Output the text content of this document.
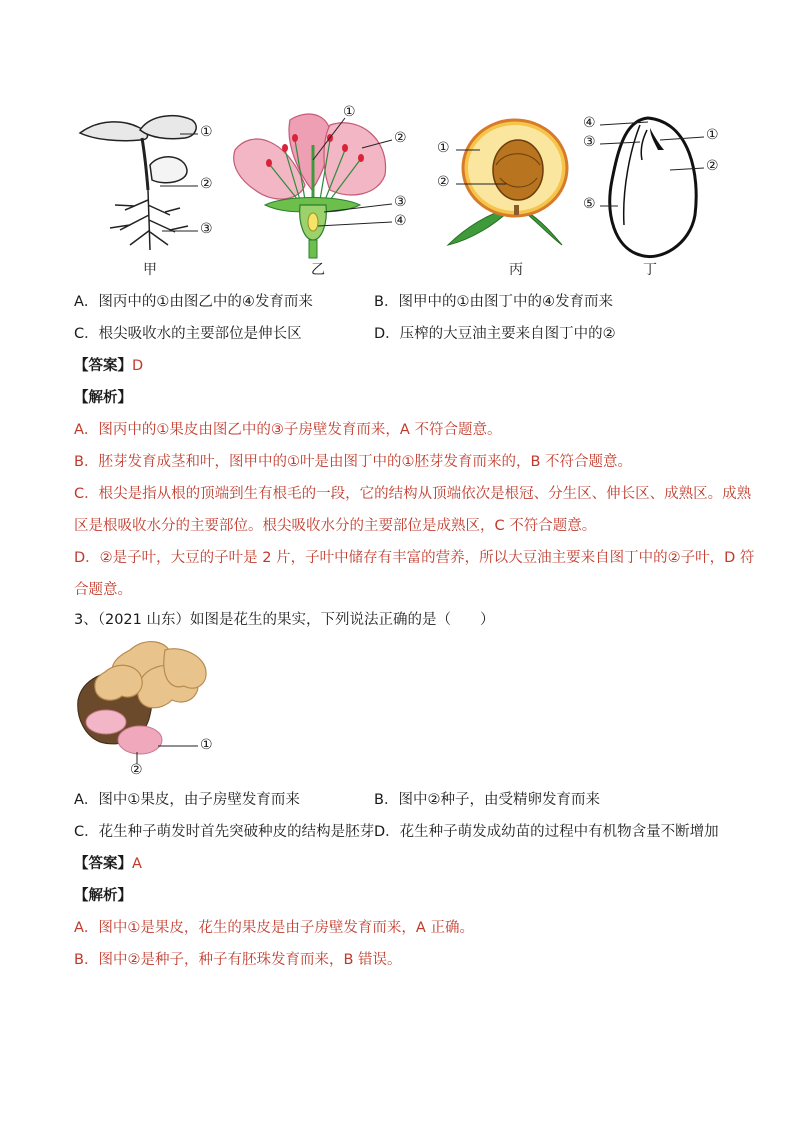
①
②
③
甲
①
②
③
④
乙
①
②
丙
④
①
③
②
⑤
丁
A．图丙中的①由图乙中的④发育而来	B．图甲中的①由图丁中的④发育而来
C．根尖吸收水的主要部位是伸长区	D．压榨的大豆油主要来自图丁中的②
【答案】D
【解析】
A．图丙中的①果皮由图乙中的③子房壁发育而来，A 不符合题意。
B．胚芽发育成茎和叶，图甲中的①叶是由图丁中的①胚芽发育而来的，B 不符合题意。
C．根尖是指从根的顶端到生有根毛的一段，它的结构从顶端依次是根冠、分生区、伸长区、成熟区。成熟
区是根吸收水分的主要部位。根尖吸收水分的主要部位是成熟区，C 不符合题意。
D．②是子叶，大豆的子叶是 2 片，子叶中储存有丰富的营养，所以大豆油主要来自图丁中的②子叶，D 符
合题意。
3、（2021 山东）如图是花生的果实，下列说法正确的是（　　）
①
②
A．图中①果皮，由子房壁发育而来	B．图中②种子，由受精卵发育而来
C．花生种子萌发时首先突破种皮的结构是胚芽 D．花生种子萌发成幼苗的过程中有机物含量不断增加
【答案】A
【解析】
A．图中①是果皮，花生的果皮是由子房壁发育而来，A 正确。
B．图中②是种子，种子有胚珠发育而来，B 错误。
